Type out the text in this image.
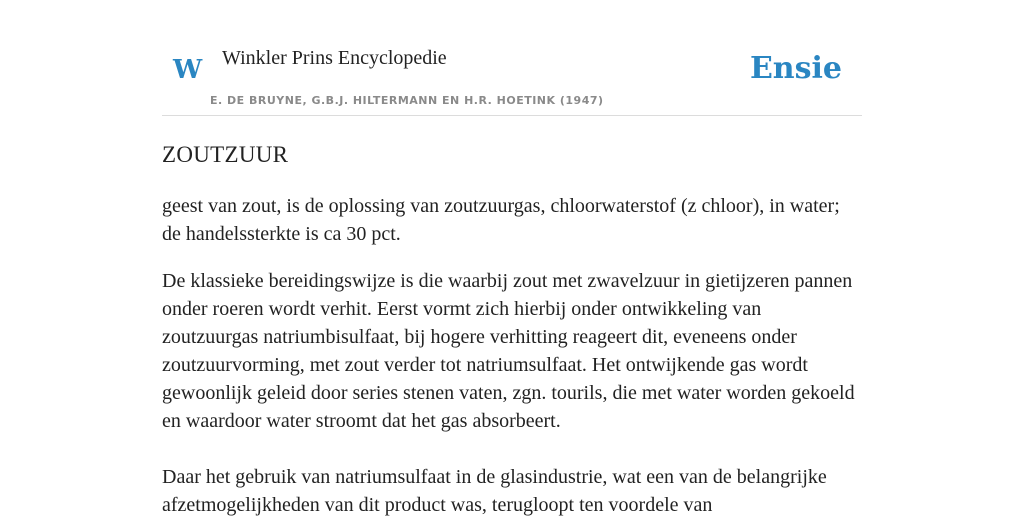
W Winkler Prins Encyclopedie
E. DE BRUYNE, G.B.J. HILTERMANN EN H.R. HOETINK (1947)
Ensie
ZOUTZUUR

geest van zout, is de oplossing van zoutzuurgas, chloorwaterstof (z chloor), in water; de handelssterkte is ca 30 pct.

De klassieke bereidingswijze is die waarbij zout met zwavelzuur in gietijzeren pannen onder roeren wordt verhit. Eerst vormt zich hierbij onder ontwikkeling van zoutzuurgas natriumbisulfaat, bij hogere verhitting reageert dit, eveneens onder zoutzuurvorming, met zout verder tot natriumsulfaat. Het ontwijkende gas wordt gewoonlijk geleid door series stenen vaten, zgn. tourils, die met water worden gekoeld en waardoor water stroomt dat het gas absorbeert.

Daar het gebruik van natriumsulfaat in de glasindustrie, wat een van de belangrijke afzetmogelijkheden van dit product was, terugloopt ten voordele van
